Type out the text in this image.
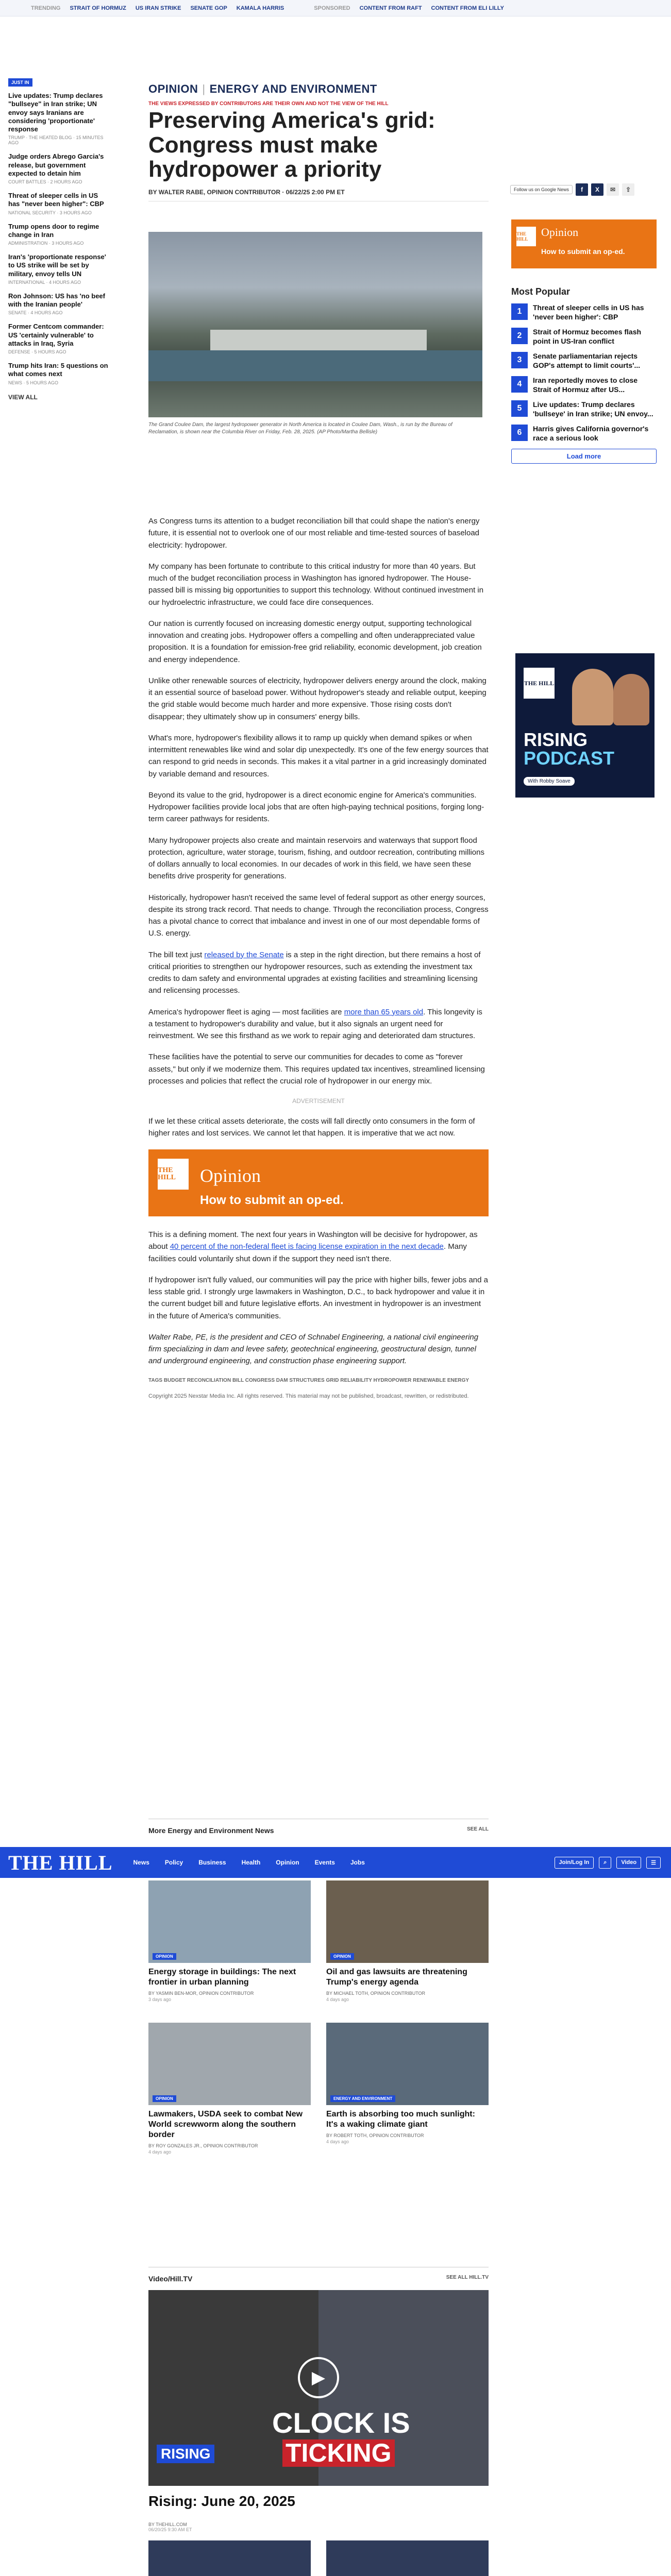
TRENDING STRAIT OF HORMUZ US IRAN STRIKE SENATE GOP KAMALA HARRIS	SPONSORED CONTENT FROM RAFT CONTENT FROM ELI LILLY
JUST IN
Live updates: Trump declares "bullseye" in Iran strike; UN envoy says Iranians are considering 'proportionate' response
TRUMP · THE HEATED BLOG · 15 MINUTES AGO
Judge orders Abrego Garcia's release, but government expected to detain him
COURT BATTLES · 2 HOURS AGO
Threat of sleeper cells in US has "never been higher": CBP
NATIONAL SECURITY · 3 HOURS AGO
Trump opens door to regime change in Iran
ADMINISTRATION · 3 HOURS AGO
Iran's 'proportionate response' to US strike will be set by military, envoy tells UN
INTERNATIONAL · 4 HOURS AGO
Ron Johnson: US has 'no beef with the Iranian people'
SENATE · 4 HOURS AGO
Former Centcom commander: US 'certainly vulnerable' to attacks in Iraq, Syria
DEFENSE · 5 HOURS AGO
Trump hits Iran: 5 questions on what comes next
NEWS · 5 HOURS AGO
VIEW ALL
OPINION | ENERGY AND ENVIRONMENT
THE VIEWS EXPRESSED BY CONTRIBUTORS ARE THEIR OWN AND NOT THE VIEW OF THE HILL
Preserving America's grid: Congress must make hydropower a priority
BY WALTER RABE, OPINION CONTRIBUTOR · 06/22/25 2:00 PM ET	Follow us on Google News	f	X	✉	⇪
The Grand Coulee Dam, the largest hydropower generator in North America is located in Coulee Dam, Wash., is run by the Bureau of Reclamation, is shown near the Columbia River on Friday, Feb. 28, 2025. (AP Photo/Martha Bellisle)

As Congress turns its attention to a budget reconciliation bill that could shape the nation's energy future, it is essential not to overlook one of our most reliable and time-tested sources of baseload electricity: hydropower.

My company has been fortunate to contribute to this critical industry for more than 40 years. But much of the budget reconciliation process in Washington has ignored hydropower. The House-passed bill is missing big opportunities to support this technology. Without continued investment in our hydroelectric infrastructure, we could face dire consequences.

Our nation is currently focused on increasing domestic energy output, supporting technological innovation and creating jobs. Hydropower offers a compelling and often underappreciated value proposition. It is a foundation for emission-free grid reliability, economic development, job creation and energy independence.

Unlike other renewable sources of electricity, hydropower delivers energy around the clock, making it an essential source of baseload power. Without hydropower's steady and reliable output, keeping the grid stable would become much harder and more expensive. Those rising costs don't disappear; they ultimately show up in consumers' energy bills.

What's more, hydropower's flexibility allows it to ramp up quickly when demand spikes or when intermittent renewables like wind and solar dip unexpectedly. It's one of the few energy sources that can respond to grid needs in seconds. This makes it a vital partner in a grid increasingly dominated by variable demand and resources.

Beyond its value to the grid, hydropower is a direct economic engine for America's communities. Hydropower facilities provide local jobs that are often high-paying technical positions, forging long-term career pathways for residents.

Many hydropower projects also create and maintain reservoirs and waterways that support flood protection, agriculture, water storage, tourism, fishing, and outdoor recreation, contributing millions of dollars annually to local economies. In our decades of work in this field, we have seen these benefits drive prosperity for generations.

Historically, hydropower hasn't received the same level of federal support as other energy sources, despite its strong track record. That needs to change. Through the reconciliation process, Congress has a pivotal chance to correct that imbalance and invest in one of our most dependable forms of U.S. energy.

The bill text just released by the Senate is a step in the right direction, but there remains a host of critical priorities to strengthen our hydropower resources, such as extending the investment tax credits to dam safety and environmental upgrades at existing facilities and streamlining licensing and relicensing processes.

America's hydropower fleet is aging — most facilities are more than 65 years old. This longevity is a testament to hydropower's durability and value, but it also signals an urgent need for reinvestment. We see this firsthand as we work to repair aging and deteriorated dam structures.

These facilities have the potential to serve our communities for decades to come as "forever assets," but only if we modernize them. This requires updated tax incentives, streamlined licensing processes and policies that reflect the crucial role of hydropower in our energy mix.

ADVERTISEMENT

If we let these critical assets deteriorate, the costs will fall directly onto consumers in the form of higher rates and lost services. We cannot let that happen. It is imperative that we act now.

THE HILL	Opinion
How to submit an op-ed.

This is a defining moment. The next four years in Washington will be decisive for hydropower, as about 40 percent of the non-federal fleet is facing license expiration in the next decade. Many facilities could voluntarily shut down if the support they need isn't there.

If hydropower isn't fully valued, our communities will pay the price with higher bills, fewer jobs and a less stable grid. I strongly urge lawmakers in Washington, D.C., to back hydropower and value it in the current budget bill and future legislative efforts. An investment in hydropower is an investment in the future of America's communities.

Walter Rabe, PE, is the president and CEO of Schnabel Engineering, a national civil engineering firm specializing in dam and levee safety, geotechnical engineering, geostructural design, tunnel and underground engineering, and construction phase engineering support.

TAGS BUDGET RECONCILIATION BILL CONGRESS DAM STRUCTURES GRID RELIABILITY HYDROPOWER RENEWABLE ENERGY
Copyright 2025 Nexstar Media Inc. All rights reserved. This material may not be published, broadcast, rewritten, or redistributed.
THE HILL
Opinion
How to submit an op-ed.
Most Popular
1	Threat of sleeper cells in US has 'never been higher': CBP
2	Strait of Hormuz becomes flash point in US-Iran conflict
3	Senate parliamentarian rejects GOP's attempt to limit courts'...
4	Iran reportedly moves to close Strait of Hormuz after US...
5	Live updates: Trump declares 'bullseye' in Iran strike; UN envoy...
6	Harris gives California governor's race a serious look
Load more
THE HILL
RISING
PODCAST
With Robby Soave
More Energy and Environment News	SEE ALL
THE HILL	News	Policy	Business	Health	Opinion	Events	Jobs	Join/Log In	⌕	Video	☰
OPINION
Energy storage in buildings: The next frontier in urban planning
BY YASMIN BEN-MOR, OPINION CONTRIBUTOR
3 days ago
OPINION
Oil and gas lawsuits are threatening Trump's energy agenda
BY MICHAEL TOTH, OPINION CONTRIBUTOR
4 days ago
OPINION
Lawmakers, USDA seek to combat New World screwworm along the southern border
BY ROY GONZALES JR., OPINION CONTRIBUTOR
4 days ago
ENERGY AND ENVIRONMENT
Earth is absorbing too much sunlight: It's a waking climate giant
BY ROBERT TOTH, OPINION CONTRIBUTOR
4 days ago
Video/Hill.TV	SEE ALL HILL.TV
▶
CLOCK IS
TICKING
RISING
Rising: June 20, 2025
BY THEHILL.COM
06/20/25 9:30 AM ET
